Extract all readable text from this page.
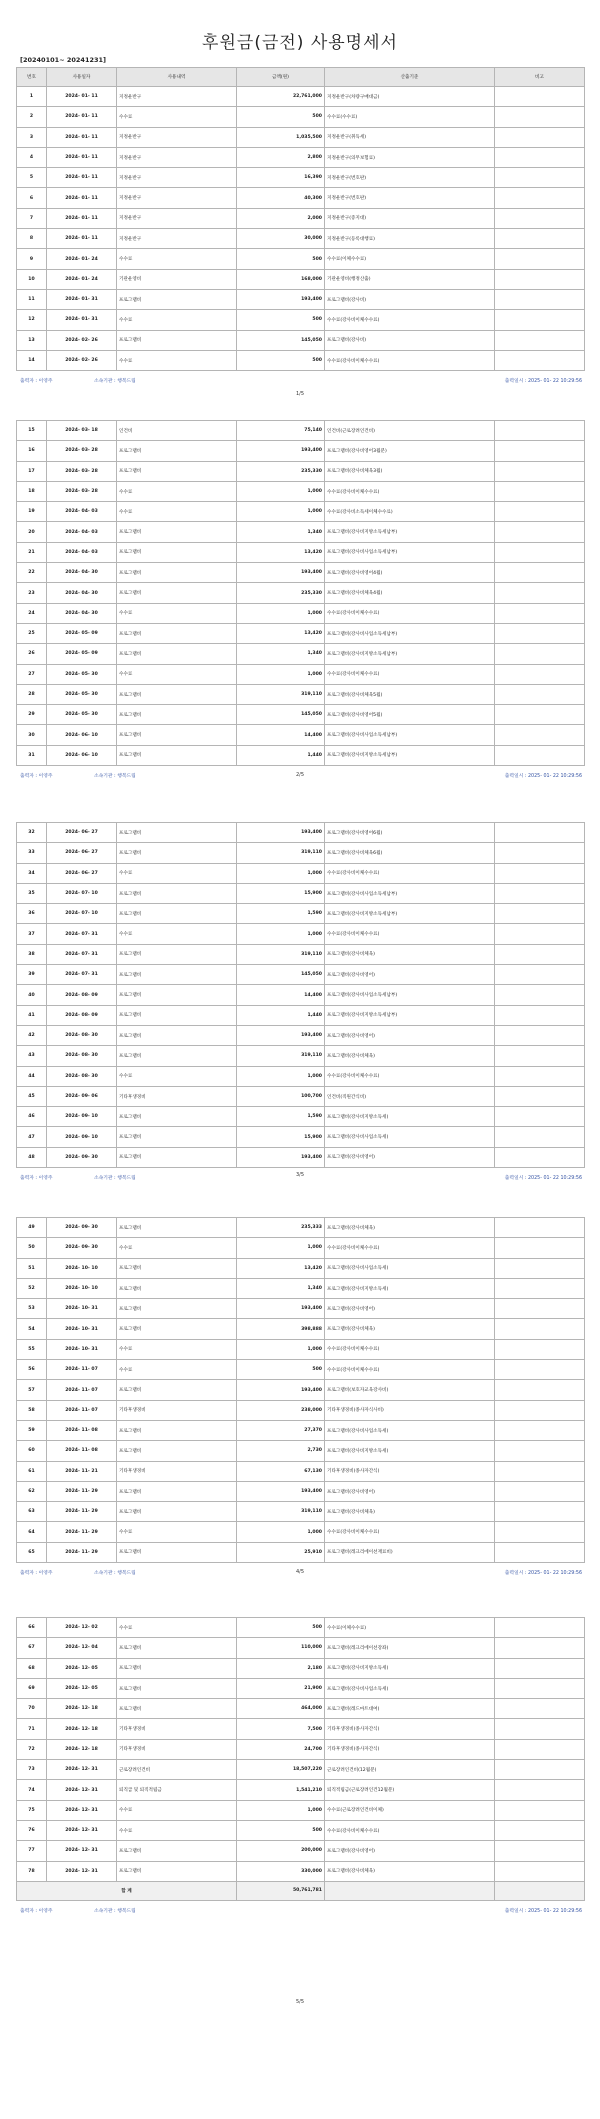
후원금(금전) 사용명세서
[20240101~ 20241231]
번호	사용일자	사용내역	금액(원)	산출기준	비고
1	2024- 01- 11	지정운반구	22,761,000	지정운반구(차량구매대금)	
2	2024- 01- 11	수수료	500	수수료(수수료)	
3	2024- 01- 11	지정운반구	1,035,500	지정운반구(취득세)	
4	2024- 01- 11	지정운반구	2,800	지정운반구(의무보험료)	
5	2024- 01- 11	지정운반구	16,390	지정운반구(번호판)	
6	2024- 01- 11	지정운반구	40,300	지정운반구(번호판)	
7	2024- 01- 11	지정운반구	2,000	지정운반구(증지대)	
8	2024- 01- 11	지정운반구	30,000	지정운반구(등록대행료)	
9	2024- 01- 24	수수료	500	수수료(이체수수료)	
10	2024- 01- 24	기관운영비	168,000	기관운영비(행정산출)	
11	2024- 01- 31	프로그램비	193,400	프로그램비(강사비)	
12	2024- 01- 31	수수료	500	수수료(강사비이체수수료)	
13	2024- 02- 26	프로그램비	145,050	프로그램비(강사비)	
14	2024- 02- 26	수수료	500	수수료(강사비이체수수료)	
출력자 : 이영주	소속기관 : 행복드림	출력일시 : 2025- 01- 22 10:29:56
1/5
15	2024- 03- 18	인건비	75,140	인건비(근로장려인건비)	
16	2024- 03- 28	프로그램비	193,400	프로그램비(강사비영어3월분)	
17	2024- 03- 28	프로그램비	235,330	프로그램비(강사비체육3월)	
18	2024- 03- 28	수수료	1,000	수수료(강사비이체수수료)	
19	2024- 04- 03	수수료	1,000	수수료(강사비소득세이체수수료)	
20	2024- 04- 03	프로그램비	1,340	프로그램비(강사비지방소득세납부)	
21	2024- 04- 03	프로그램비	13,420	프로그램비(강사비사업소득세납부)	
22	2024- 04- 30	프로그램비	193,400	프로그램비(강사비영어4월)	
23	2024- 04- 30	프로그램비	235,330	프로그램비(강사비체육4월)	
24	2024- 04- 30	수수료	1,000	수수료(강사비이체수수료)	
25	2024- 05- 09	프로그램비	13,420	프로그램비(강사비사업소득세납부)	
26	2024- 05- 09	프로그램비	1,340	프로그램비(강사비지방소득세납부)	
27	2024- 05- 30	수수료	1,000	수수료(강사비이체수수료)	
28	2024- 05- 30	프로그램비	319,110	프로그램비(강사비체육5월)	
29	2024- 05- 30	프로그램비	145,050	프로그램비(강사비영어5월)	
30	2024- 06- 10	프로그램비	14,400	프로그램비(강사비사업소득세납부)	
31	2024- 06- 10	프로그램비	1,440	프로그램비(강사비지방소득세납부)	
출력자 : 이영주	소속기관 : 행복드림	출력일시 : 2025- 01- 22 10:29:56
2/5
32	2024- 06- 27	프로그램비	193,400	프로그램비(강사비영어6월)	
33	2024- 06- 27	프로그램비	319,110	프로그램비(강사비체육6월)	
34	2024- 06- 27	수수료	1,000	수수료(강사비이체수수료)	
35	2024- 07- 10	프로그램비	15,900	프로그램비(강사비사업소득세납부)	
36	2024- 07- 10	프로그램비	1,590	프로그램비(강사비지방소득세납부)	
37	2024- 07- 31	수수료	1,000	수수료(강사비이체수수료)	
38	2024- 07- 31	프로그램비	319,110	프로그램비(강사비체육)	
39	2024- 07- 31	프로그램비	145,050	프로그램비(강사비영어)	
40	2024- 08- 09	프로그램비	14,400	프로그램비(강사비사업소득세납부)	
41	2024- 08- 09	프로그램비	1,440	프로그램비(강사비지방소득세납부)	
42	2024- 08- 30	프로그램비	193,400	프로그램비(강사비영어)	
43	2024- 08- 30	프로그램비	319,110	프로그램비(강사비체육)	
44	2024- 08- 30	수수료	1,000	수수료(강사비이체수수료)	
45	2024- 09- 06	기타후생경비	100,700	인건비(직원간식비)	
46	2024- 09- 10	프로그램비	1,590	프로그램비(강사비지방소득세)	
47	2024- 09- 10	프로그램비	15,900	프로그램비(강사비사업소득세)	
48	2024- 09- 30	프로그램비	193,400	프로그램비(강사비영어)	
출력자 : 이영주	소속기관 : 행복드림	출력일시 : 2025- 01- 22 10:29:56
3/5
49	2024- 09- 30	프로그램비	235,333	프로그램비(강사비체육)	
50	2024- 09- 30	수수료	1,000	수수료(강사비이체수수료)	
51	2024- 10- 10	프로그램비	13,420	프로그램비(강사비사업소득세)	
52	2024- 10- 10	프로그램비	1,340	프로그램비(강사비지방소득세)	
53	2024- 10- 31	프로그램비	193,400	프로그램비(강사비영어)	
54	2024- 10- 31	프로그램비	398,888	프로그램비(강사비체육)	
55	2024- 10- 31	수수료	1,000	수수료(강사비이체수수료)	
56	2024- 11- 07	수수료	500	수수료(강사비이체수수료)	
57	2024- 11- 07	프로그램비	193,400	프로그램비(보호자교육강사비)	
58	2024- 11- 07	기타후생경비	238,000	기타후생경비(종사자식사비)	
59	2024- 11- 08	프로그램비	27,370	프로그램비(강사비사업소득세)	
60	2024- 11- 08	프로그램비	2,730	프로그램비(강사비지방소득세)	
61	2024- 11- 21	기타후생경비	67,130	기타후생경비(종사자간식)	
62	2024- 11- 29	프로그램비	193,400	프로그램비(강사비영어)	
63	2024- 11- 29	프로그램비	319,110	프로그램비(강사비체육)	
64	2024- 11- 29	수수료	1,000	수수료(강사비이체수수료)	
65	2024- 11- 29	프로그램비	25,910	프로그램비(레크리에이션재료비)	
출력자 : 이영주	소속기관 : 행복드림	출력일시 : 2025- 01- 22 10:29:56
4/5
66	2024- 12- 02	수수료	500	수수료(이체수수료)	
67	2024- 12- 04	프로그램비	110,000	프로그램비(레크리에이션강좌)	
68	2024- 12- 05	프로그램비	2,180	프로그램비(강사비지방소득세)	
69	2024- 12- 05	프로그램비	21,900	프로그램비(강사비사업소득세)	
70	2024- 12- 18	프로그램비	464,000	프로그램비(레드마트대여)	
71	2024- 12- 18	기타후생경비	7,500	기타후생경비(종사자간식)	
72	2024- 12- 18	기타후생경비	24,700	기타후생경비(종사자간식)	
73	2024- 12- 31	근로장려인건비	18,507,220	근로장려인건비(12월분)	
74	2024- 12- 31	퇴직급 및 퇴직적립금	1,541,210	퇴직적립금(근로장려인건12월분)	
75	2024- 12- 31	수수료	1,000	수수료(근로장려인건비이체)	
76	2024- 12- 31	수수료	500	수수료(강사비이체수수료)	
77	2024- 12- 31	프로그램비	200,000	프로그램비(강사비영어)	
78	2024- 12- 31	프로그램비	330,000	프로그램비(강사비체육)	
합 계			50,761,781		
출력자 : 이영주	소속기관 : 행복드림	출력일시 : 2025- 01- 22 10:29:56
5/5
